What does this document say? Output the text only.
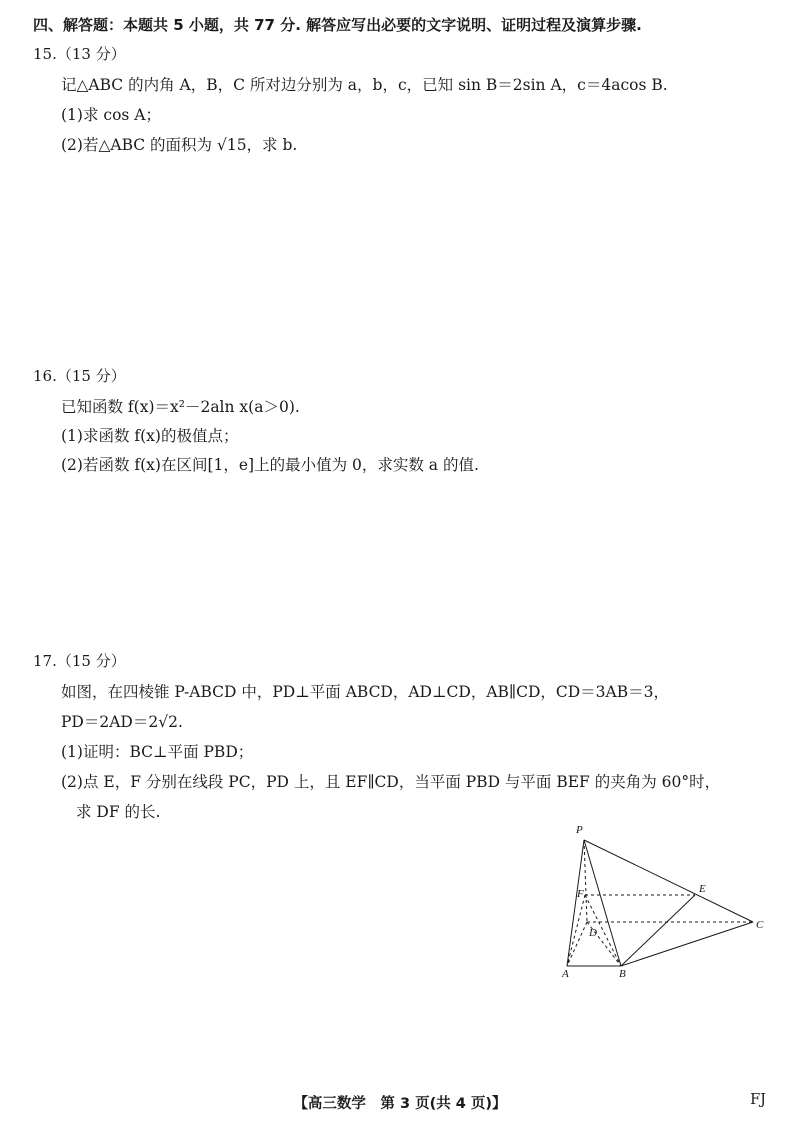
四、解答题：本题共 5 小题，共 77 分. 解答应写出必要的文字说明、证明过程及演算步骤.
15.（13 分）
记△ABC 的内角 A，B，C 所对边分别为 a，b，c，已知 sin B＝2sin A，c＝4acos B.
(1)求 cos A；
(2)若△ABC 的面积为 √15，求 b.
16.（15 分）
已知函数 f(x)＝x²－2aln x(a＞0).
(1)求函数 f(x)的极值点；
(2)若函数 f(x)在区间[1，e]上的最小值为 0，求实数 a 的值.
17.（15 分）
如图，在四棱锥 P-ABCD 中，PD⊥平面 ABCD，AD⊥CD，AB∥CD，CD＝3AB＝3，
PD＝2AD＝2√2.
(1)证明：BC⊥平面 PBD；
(2)点 E，F 分别在线段 PC，PD 上，且 EF∥CD，当平面 PBD 与平面 BEF 的夹角为 60°时，
求 DF 的长.
P
E
F
D
C
A	B
【高三数学　第 3 页(共 4 页)】	FJ
